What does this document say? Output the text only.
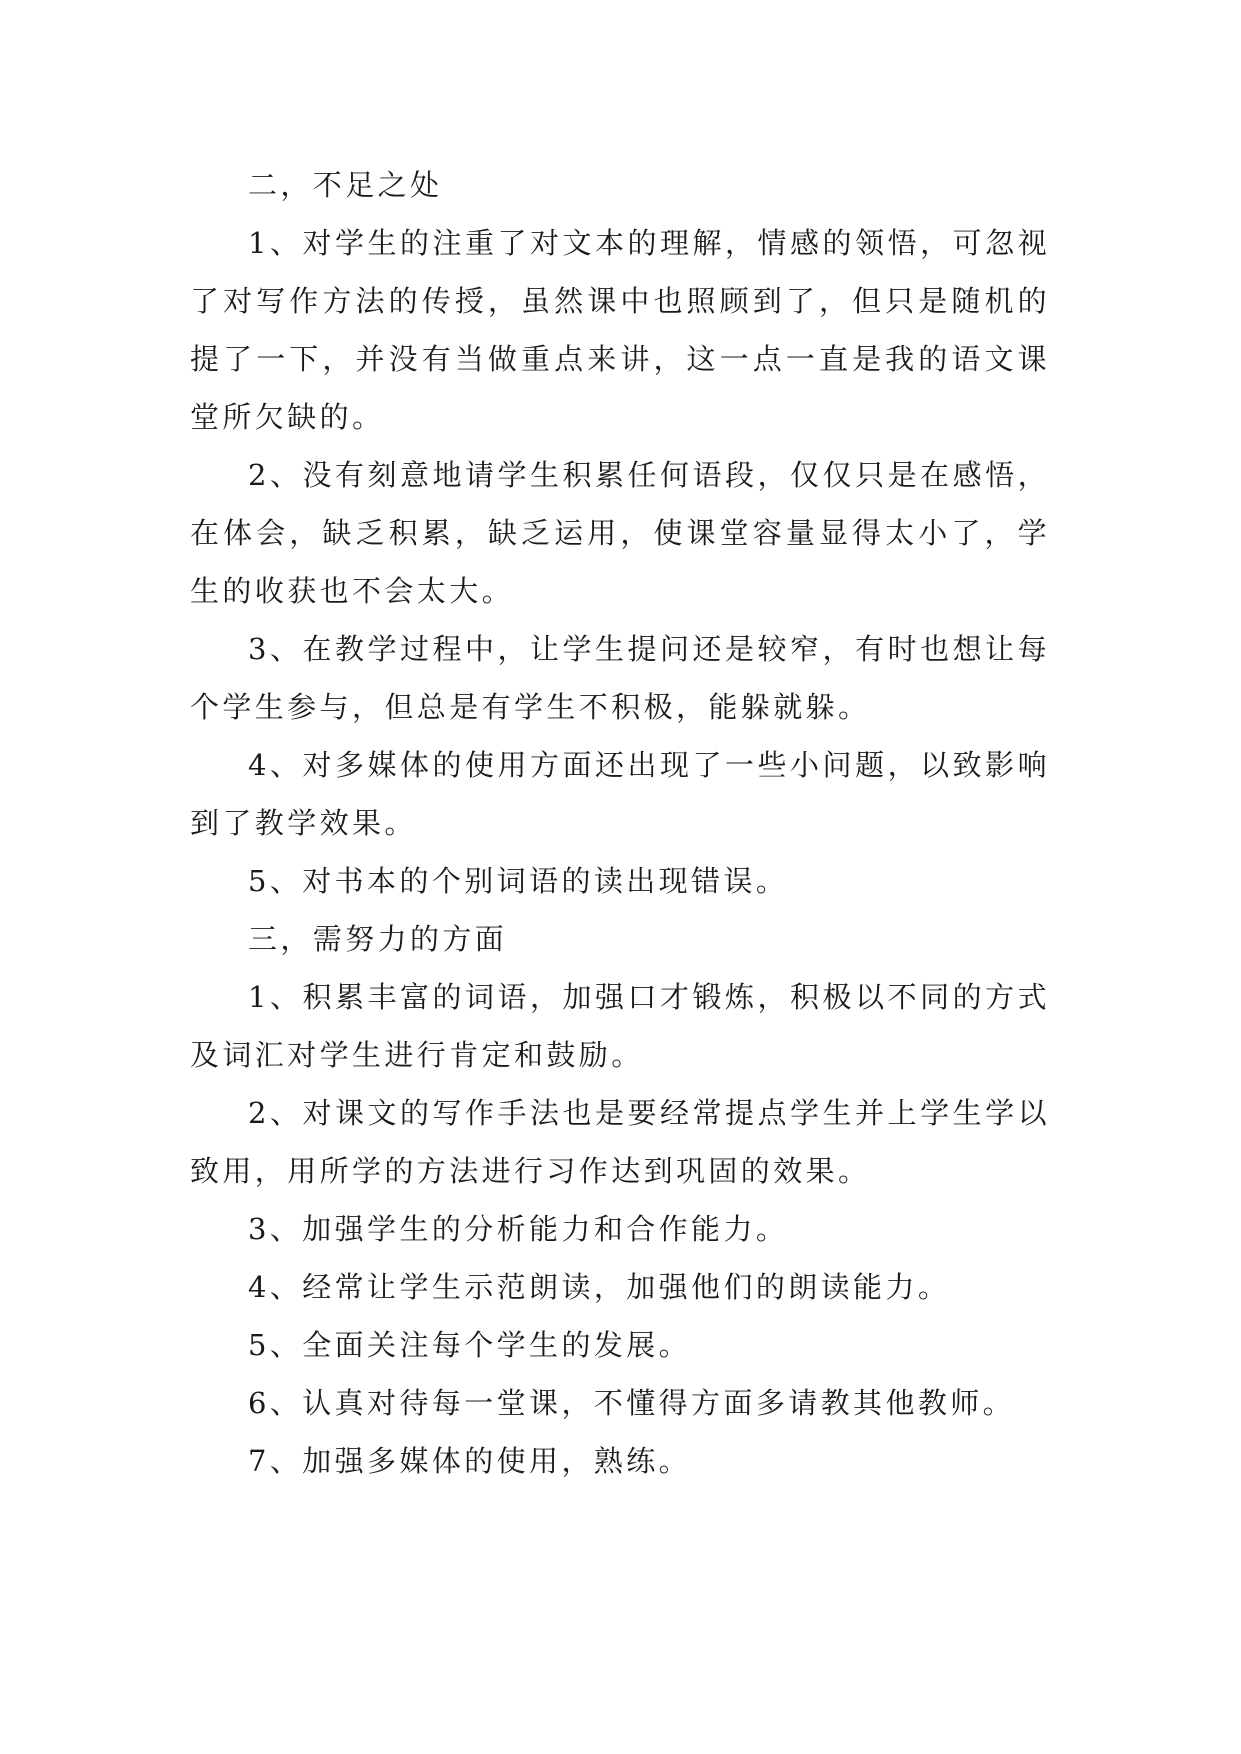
二，不足之处

1、对学生的注重了对文本的理解，情感的领悟，可忽视了对写作方法的传授，虽然课中也照顾到了，但只是随机的提了一下，并没有当做重点来讲，这一点一直是我的语文课堂所欠缺的。

2、没有刻意地请学生积累任何语段，仅仅只是在感悟，在体会，缺乏积累，缺乏运用，使课堂容量显得太小了，学生的收获也不会太大。

3、在教学过程中，让学生提问还是较窄，有时也想让每个学生参与，但总是有学生不积极，能躲就躲。

4、对多媒体的使用方面还出现了一些小问题，以致影响到了教学效果。

5、对书本的个别词语的读出现错误。

三，需努力的方面

1、积累丰富的词语，加强口才锻炼，积极以不同的方式及词汇对学生进行肯定和鼓励。

2、对课文的写作手法也是要经常提点学生并上学生学以致用，用所学的方法进行习作达到巩固的效果。

3、加强学生的分析能力和合作能力。

4、经常让学生示范朗读，加强他们的朗读能力。

5、全面关注每个学生的发展。

6、认真对待每一堂课，不懂得方面多请教其他教师。

7、加强多媒体的使用，熟练。
